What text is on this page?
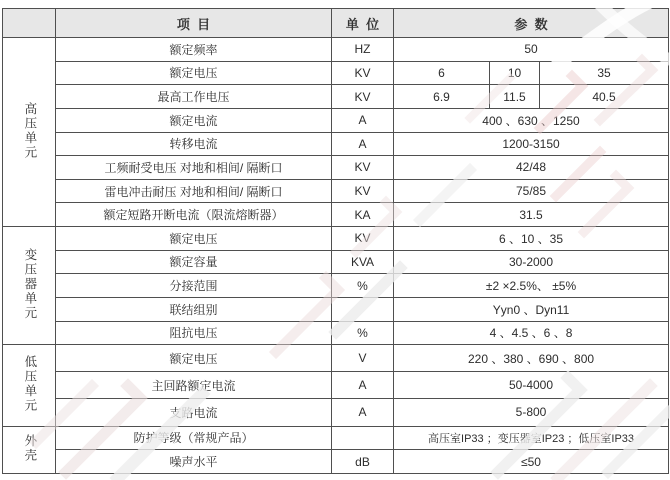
	项  目	单  位	参  数		
高压单元	额定频率	HZ	50		
	额定电压	KV	6	10	35
	最高工作电压	KV	6.9	11.5	40.5
	额定电流	A	400 、630 、1250		
	转移电流	A	1200-3150		
	工频耐受电压 对地和相间/ 隔断口	KV	42/48		
	雷电冲击耐压 对地和相间/ 隔断口	KV	75/85		
	额定短路开断电流（限流熔断器）	KA	31.5		
变压器单元	额定电压	KV	6 、10 、35		
	额定容量	KVA	30-2000		
	分接范围	%	±2 ×2.5%、 ±5%		
	联结组别		Yyn0 、Dyn11		
	阻抗电压	%	4 、4.5 、6 、8		
低压单元	额定电压	V	220 、380 、690 、800		
	主回路额定电流	A	50-4000		
	支路电流	A	5-800		
外壳	防护等级（常规产品）		高压室IP33 ；变压器室IP23 ；低压室IP33		
	噪声水平	dB	≤50		
